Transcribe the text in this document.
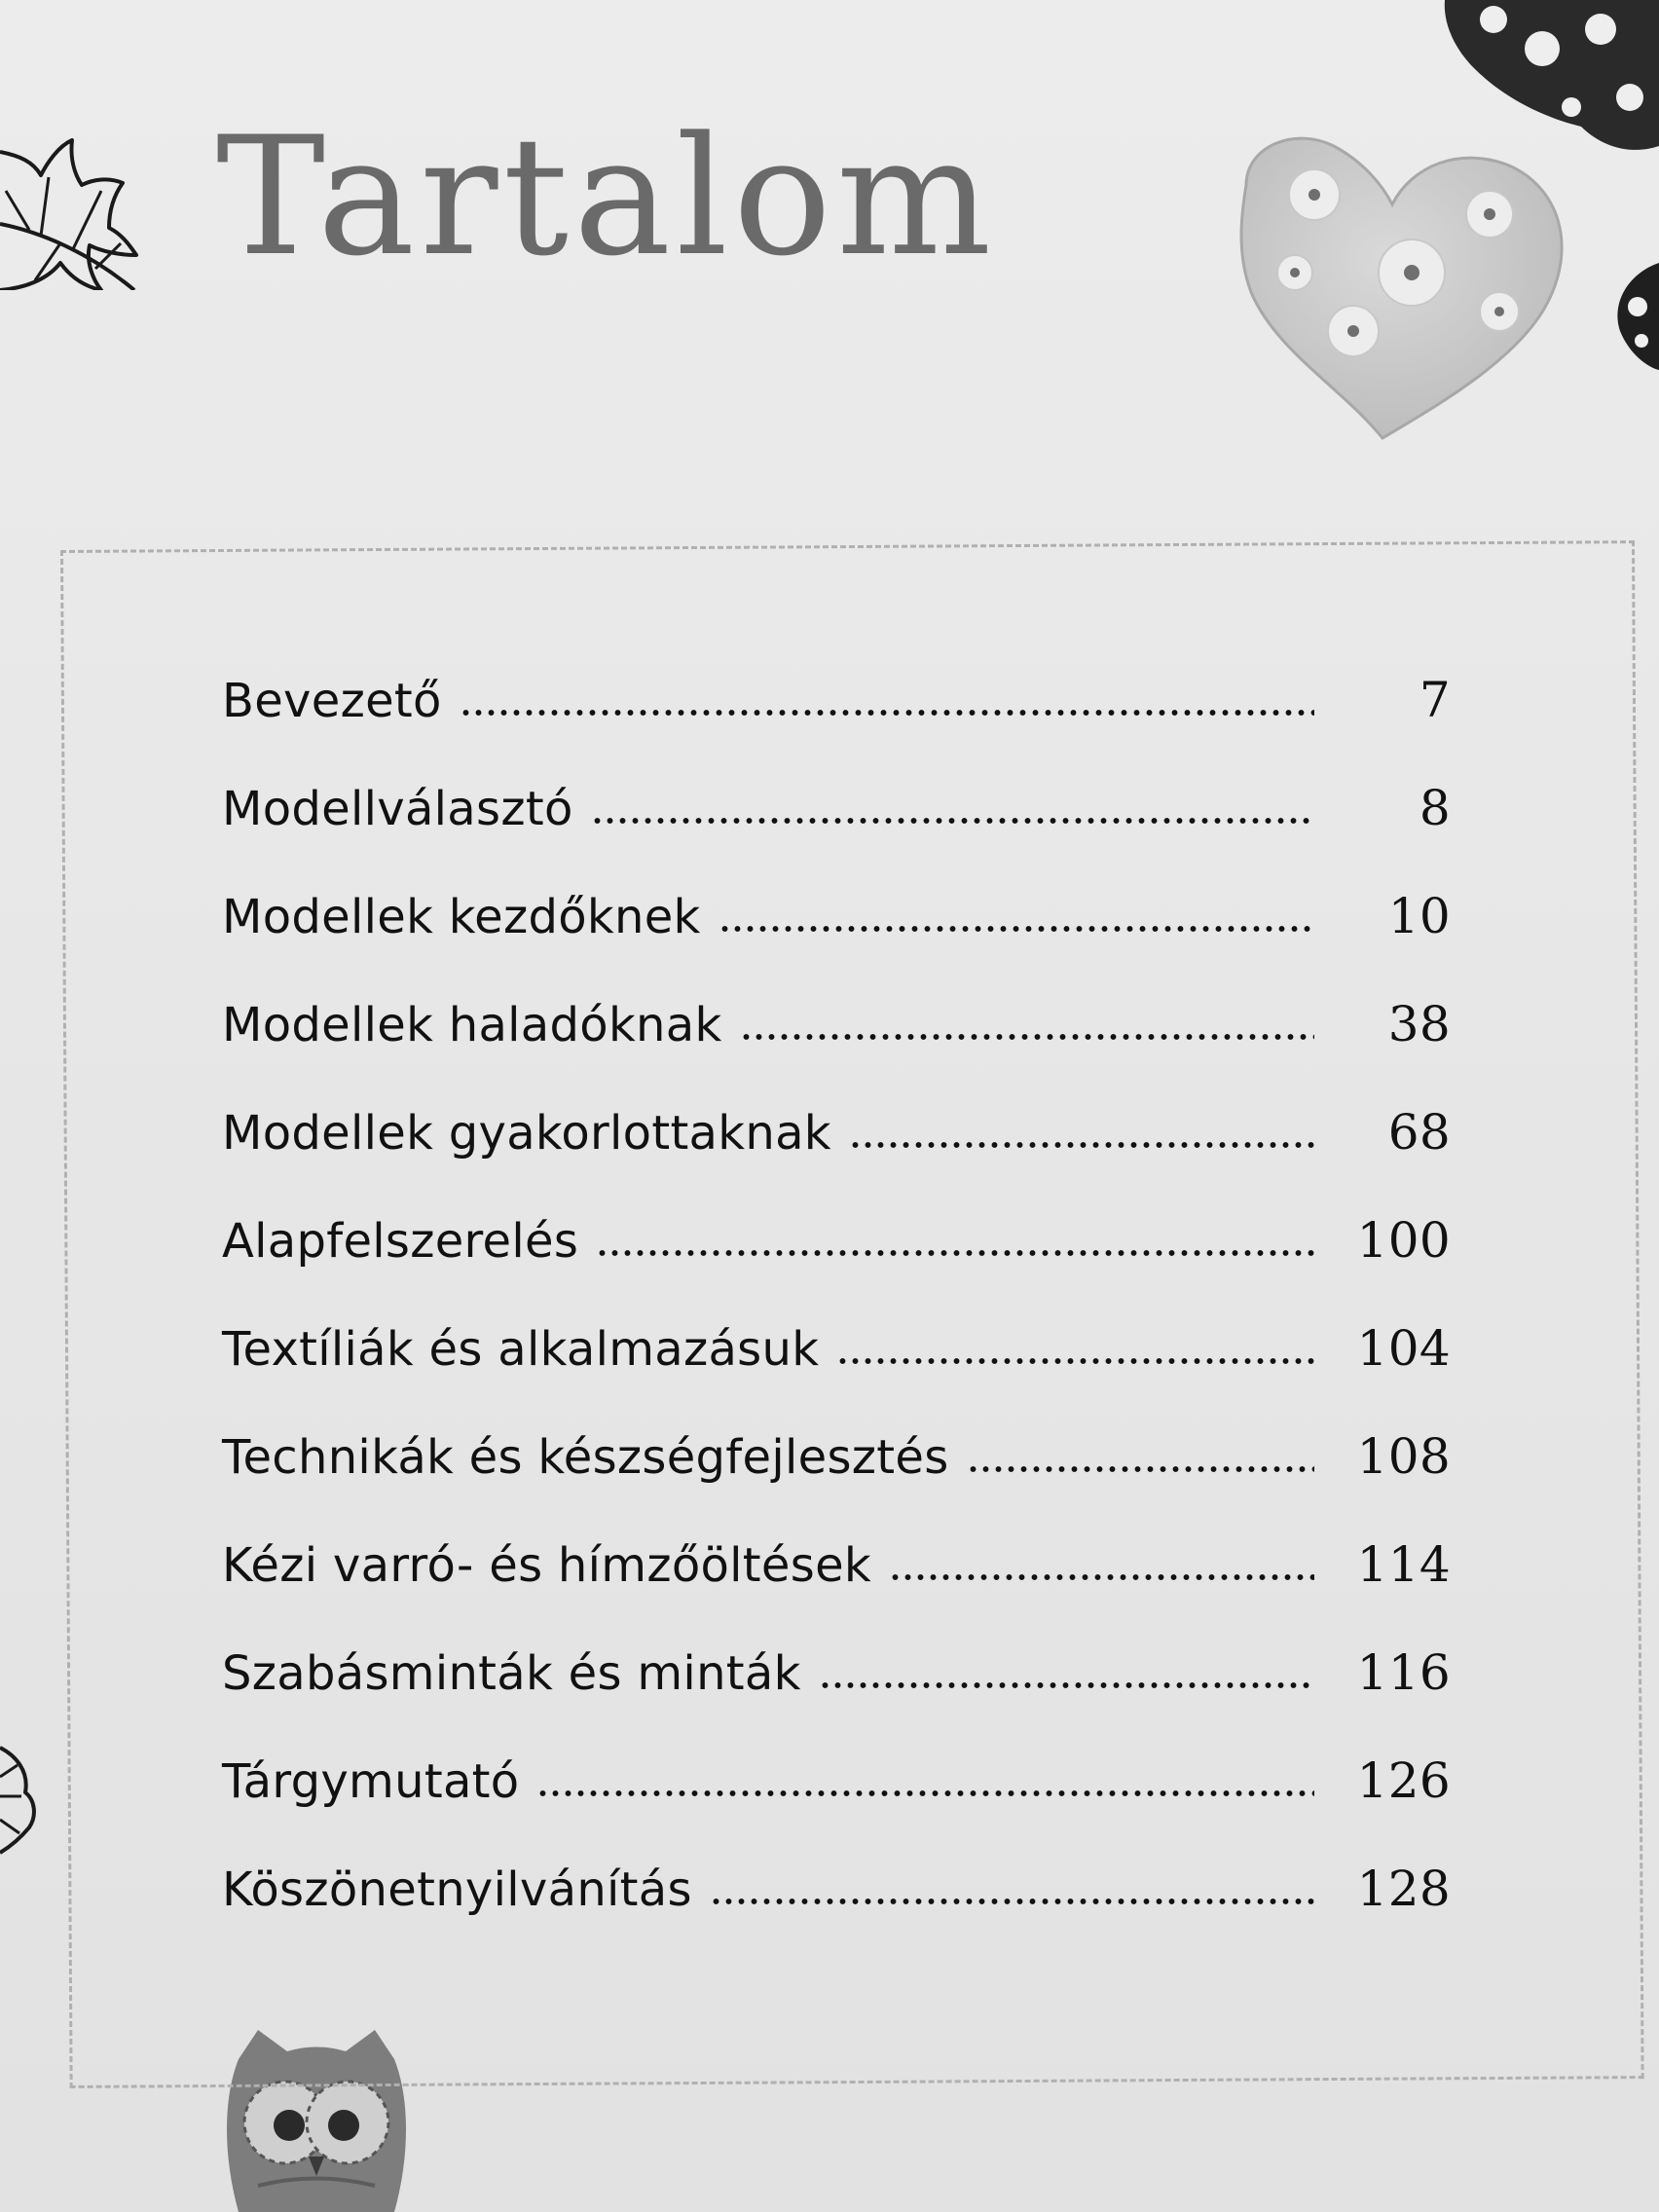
Tartalom
Bevezető	7
Modellválasztó	8
Modellek kezdőknek	10
Modellek haladóknak	38
Modellek gyakorlottaknak	68
Alapfelszerelés	100
Textíliák és alkalmazásuk	104
Technikák és készségfejlesztés	108
Kézi varró- és hímzőöltések	114
Szabásminták és minták	116
Tárgymutató	126
Köszönetnyilvánítás	128
